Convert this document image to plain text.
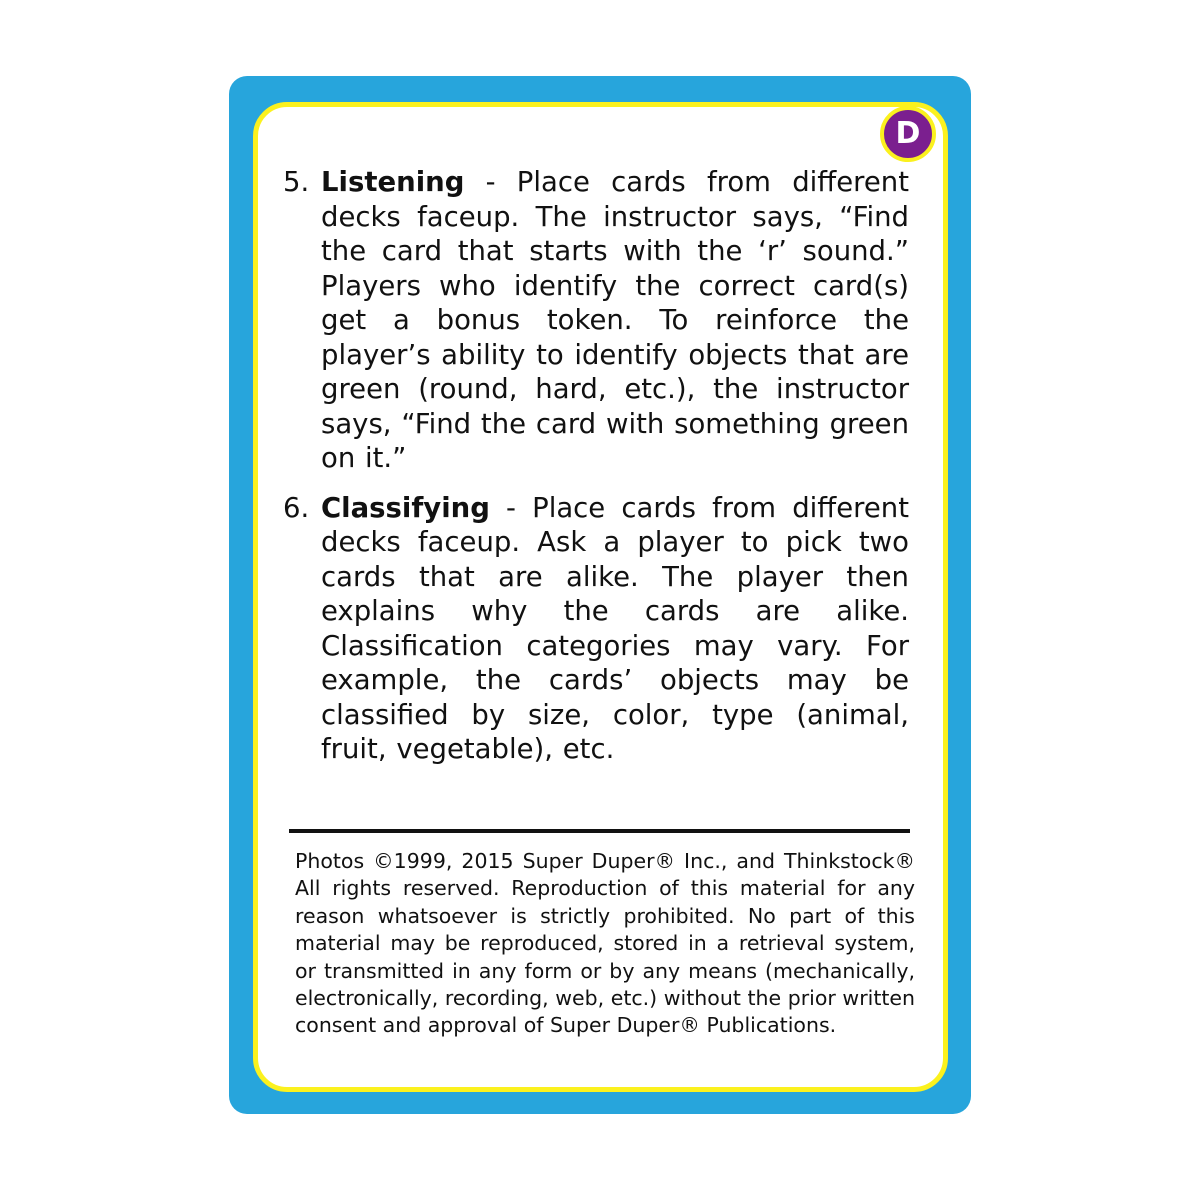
D
5. Listening - Place cards from different decks faceup. The instructor says, “Find the card that starts with the ‘r’ sound.” Players who identify the correct card(s) get a bonus token. To reinforce the player’s ability to identify objects that are green (round, hard, etc.), the instructor says, “Find the card with something green on it.”
6. Classifying - Place cards from different decks faceup. Ask a player to pick two cards that are alike. The player then explains why the cards are alike. Classification categories may vary. For example, the cards’ objects may be classified by size, color, type (animal, fruit, vegetable), etc.
Photos ©1999, 2015 Super Duper® Inc., and Thinkstock® All rights reserved. Reproduction of this material for any reason whatsoever is strictly prohibited. No part of this material may be reproduced, stored in a retrieval system, or transmitted in any form or by any means (mechanically, electronically, recording, web, etc.) without the prior written consent and approval of Super Duper® Publications.
